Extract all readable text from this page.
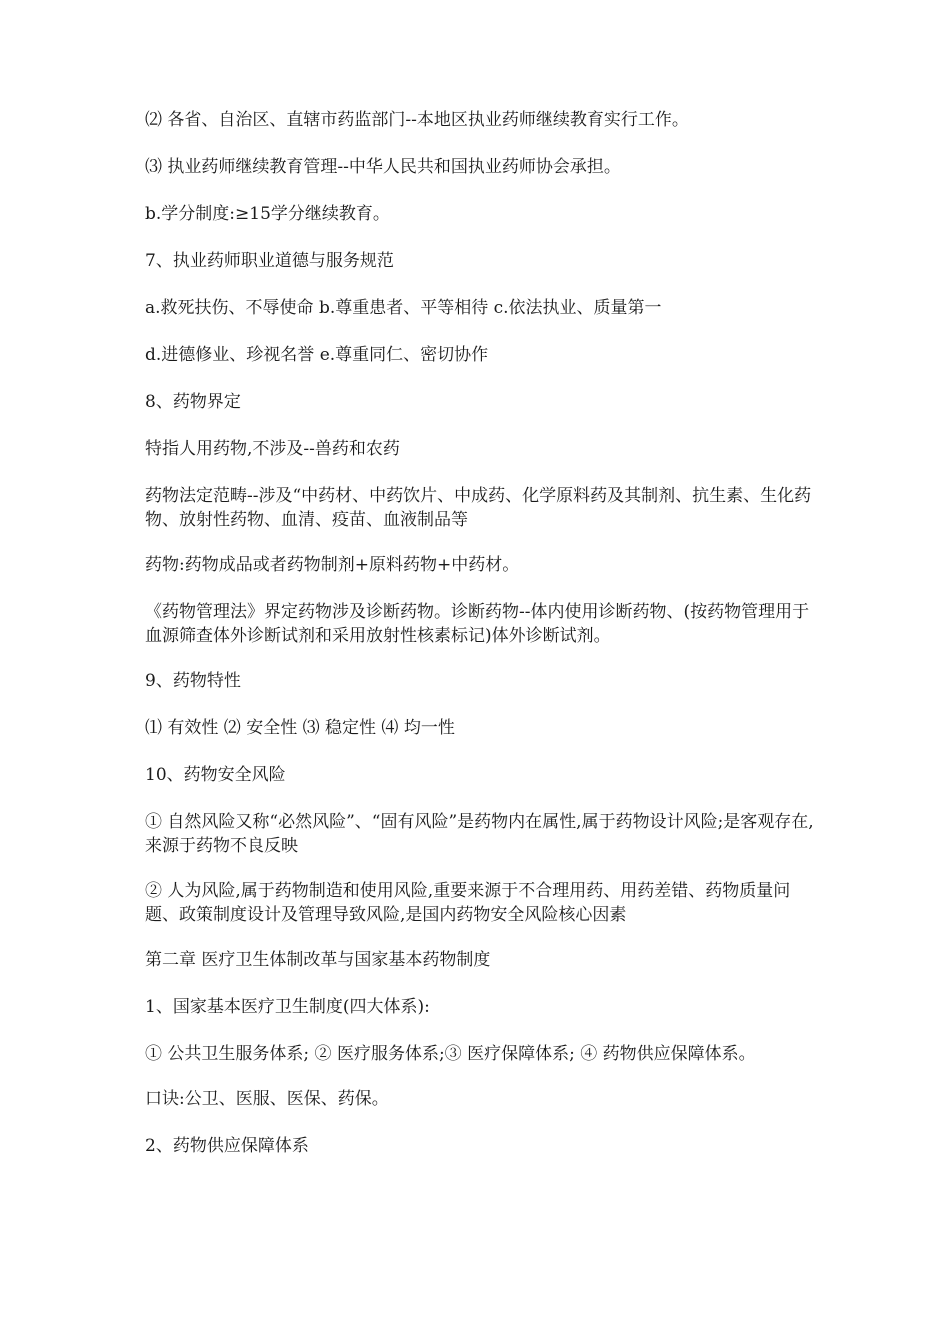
⑵ 各省、自治区、直辖市药监部门--本地区执业药师继续教育实行工作。

⑶ 执业药师继续教育管理--中华人民共和国执业药师协会承担。

b.学分制度:≥15学分继续教育。

7、执业药师职业道德与服务规范

a.救死扶伤、不辱使命 b.尊重患者、平等相待 c.依法执业、质量第一

d.进德修业、珍视名誉 e.尊重同仁、密切协作

8、药物界定

特指人用药物,不涉及--兽药和农药

药物法定范畴--涉及“中药材、中药饮片、中成药、化学原料药及其制剂、抗生素、生化药物、放射性药物、血清、疫苗、血液制品等

药物:药物成品或者药物制剂+原料药物+中药材。

《药物管理法》界定药物涉及诊断药物。诊断药物--体内使用诊断药物、(按药物管理用于血源筛查体外诊断试剂和采用放射性核素标记)体外诊断试剂。

9、药物特性

⑴ 有效性 ⑵ 安全性 ⑶ 稳定性 ⑷ 均一性

10、药物安全风险

① 自然风险又称“必然风险”、“固有风险”是药物内在属性,属于药物设计风险;是客观存在,来源于药物不良反映

② 人为风险,属于药物制造和使用风险,重要来源于不合理用药、用药差错、药物质量问题、政策制度设计及管理导致风险,是国内药物安全风险核心因素

第二章 医疗卫生体制改革与国家基本药物制度

1、国家基本医疗卫生制度(四大体系):

① 公共卫生服务体系; ② 医疗服务体系;③ 医疗保障体系; ④ 药物供应保障体系。

口诀:公卫、医服、医保、药保。

2、药物供应保障体系
